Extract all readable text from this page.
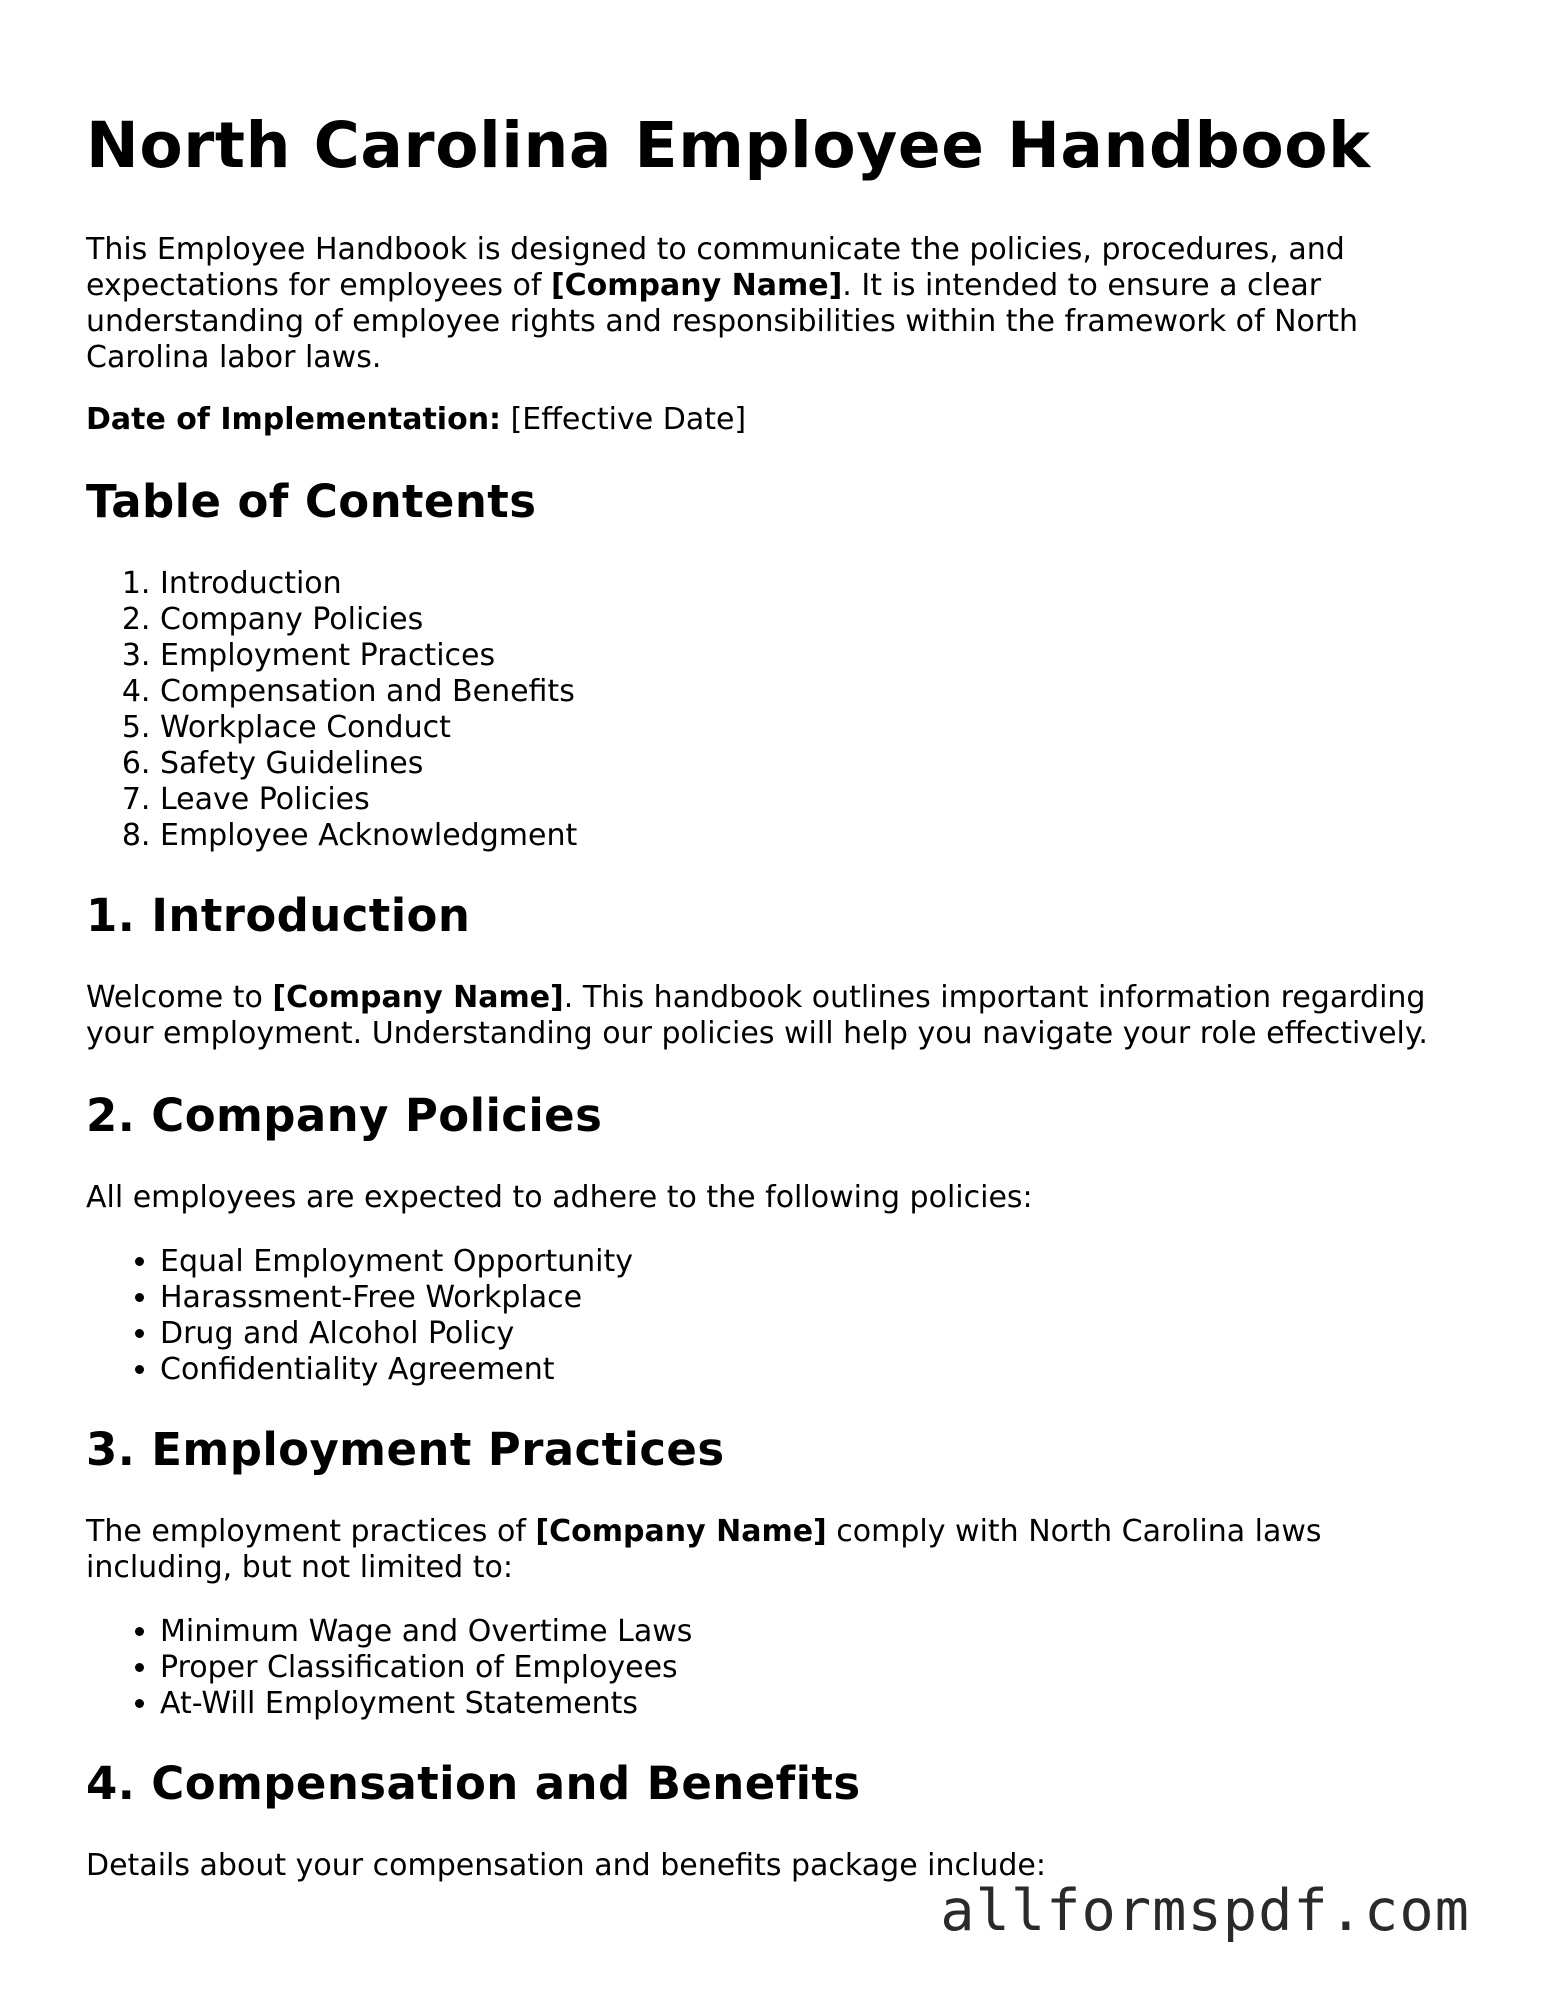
North Carolina Employee Handbook

This Employee Handbook is designed to communicate the policies, procedures, and expectations for employees of [Company Name]. It is intended to ensure a clear understanding of employee rights and responsibilities within the framework of North Carolina labor laws.

Date of Implementation: [Effective Date]

Table of Contents
1. Introduction
2. Company Policies
3. Employment Practices
4. Compensation and Benefits
5. Workplace Conduct
6. Safety Guidelines
7. Leave Policies
8. Employee Acknowledgment
1. Introduction

Welcome to [Company Name]. This handbook outlines important information regarding your employment. Understanding our policies will help you navigate your role effectively.

2. Company Policies

All employees are expected to adhere to the following policies:

• Equal Employment Opportunity
• Harassment-Free Workplace
• Drug and Alcohol Policy
• Confidentiality Agreement
3. Employment Practices

The employment practices of [Company Name] comply with North Carolina laws including, but not limited to:

• Minimum Wage and Overtime Laws
• Proper Classification of Employees
• At-Will Employment Statements
4. Compensation and Benefits

Details about your compensation and benefits package include:

allformspdf.com
